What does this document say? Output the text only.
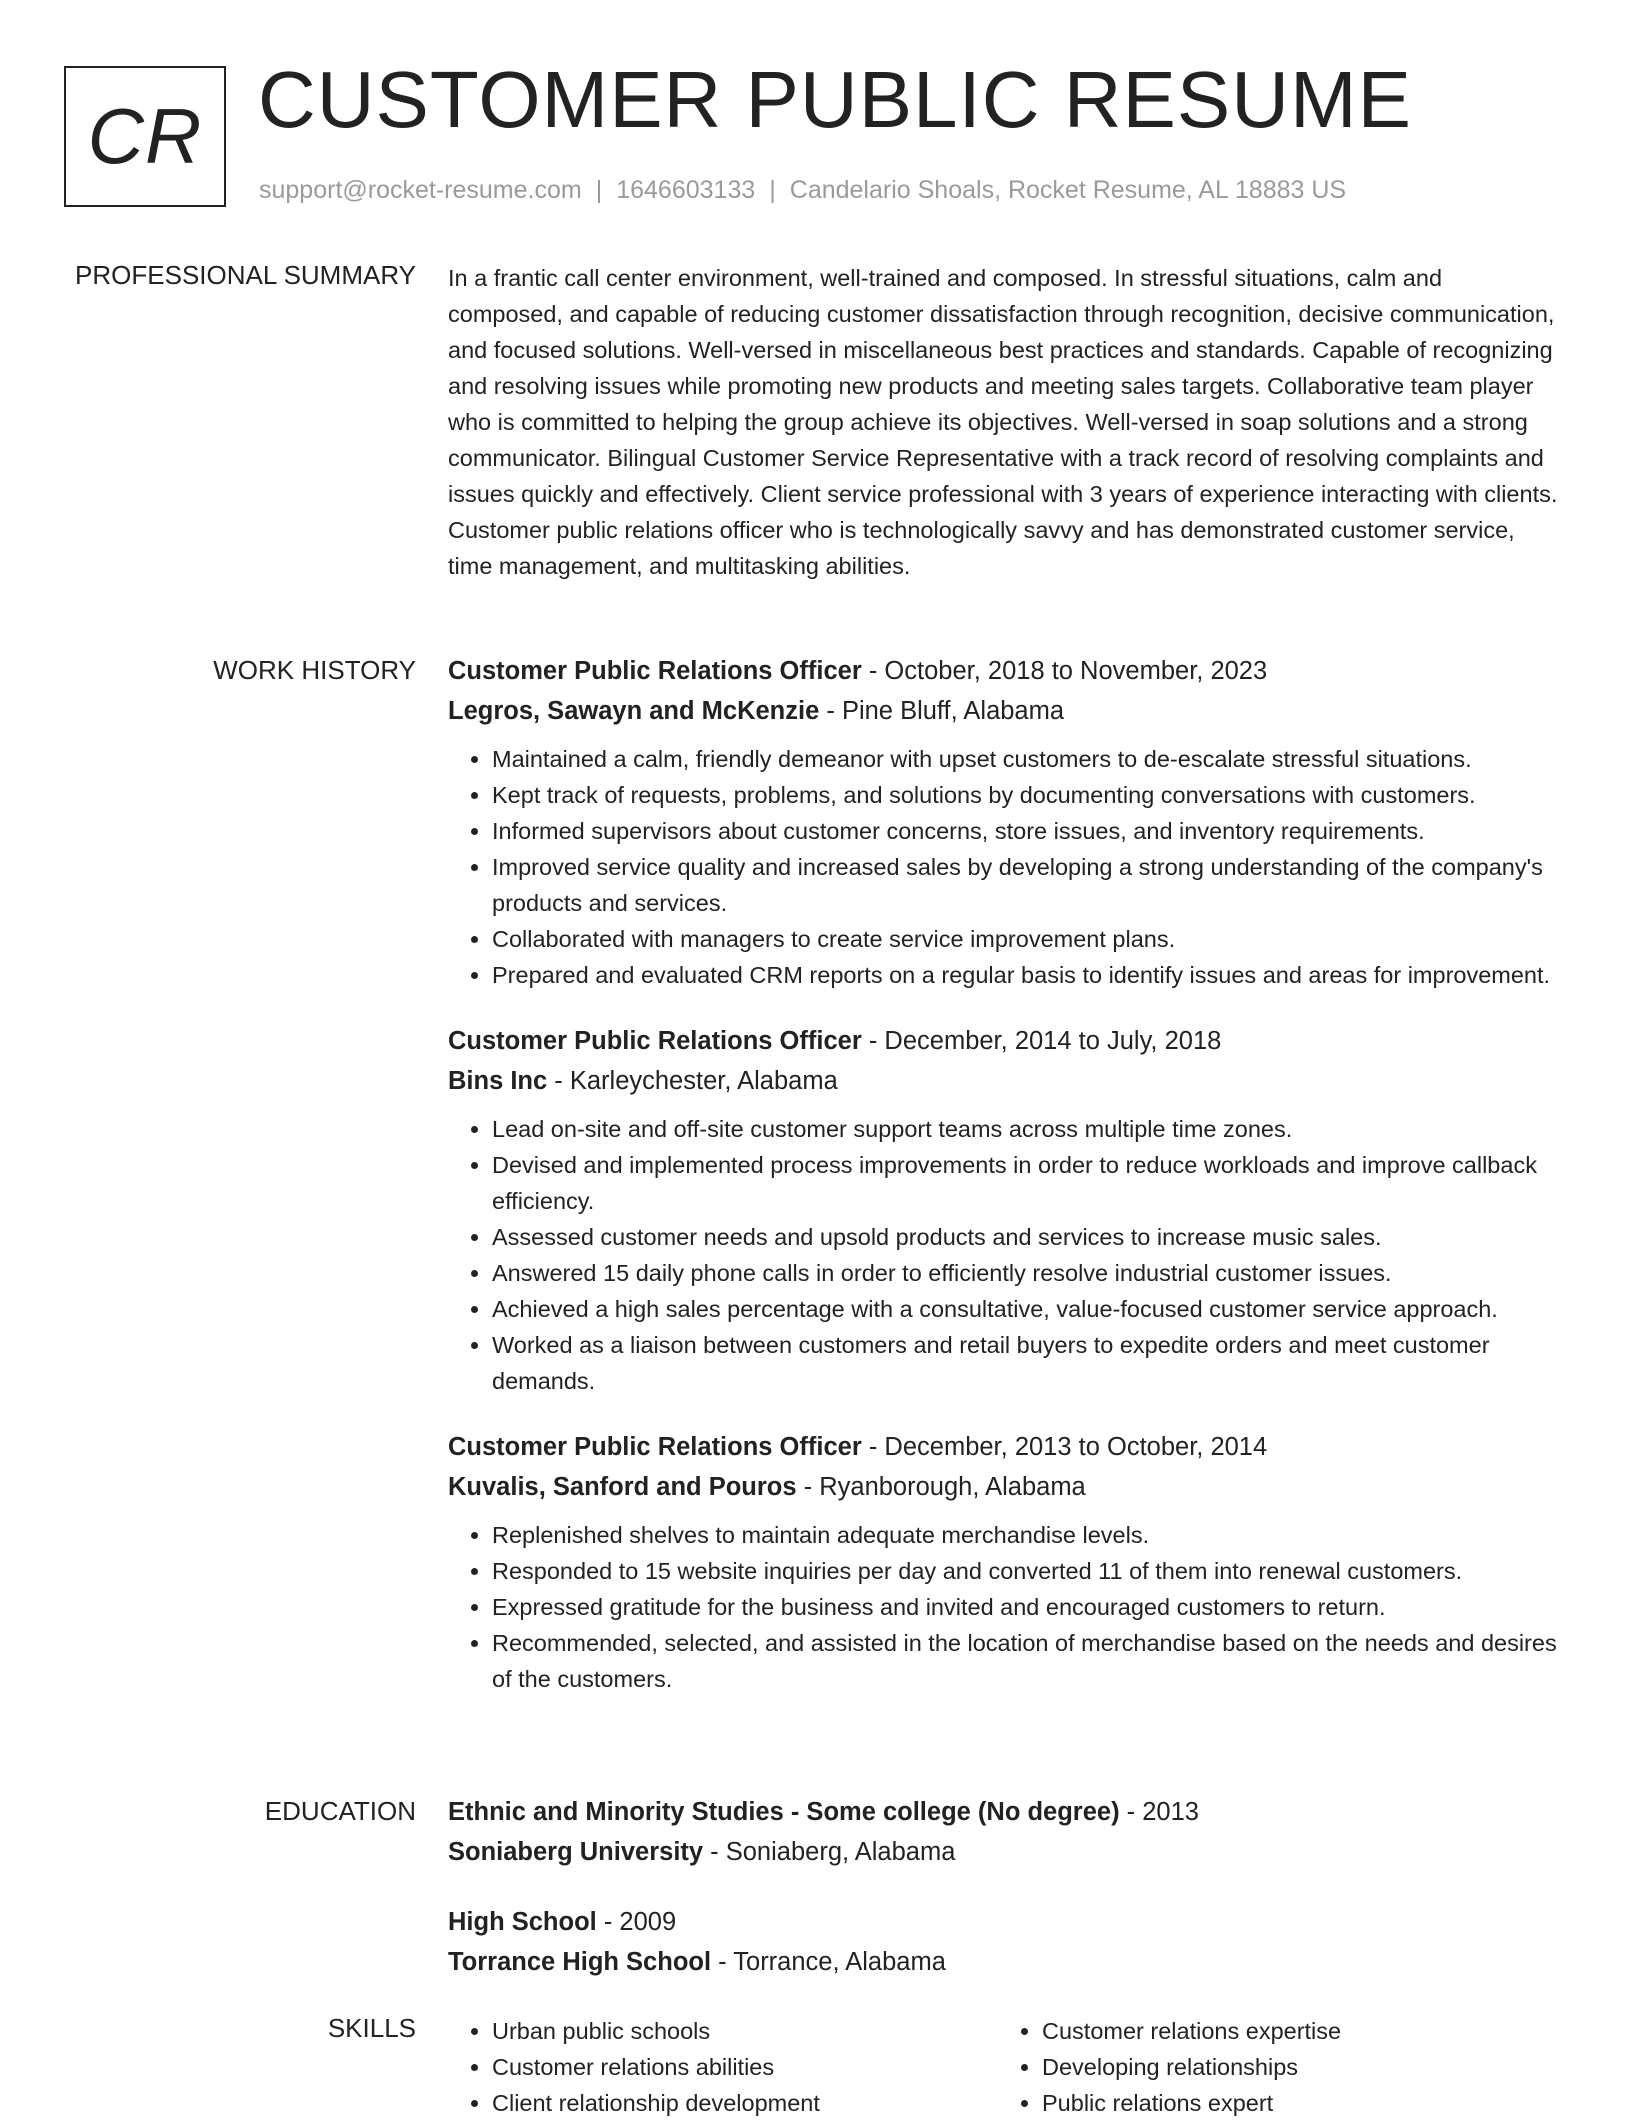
CR CUSTOMER PUBLIC RESUME
support@rocket-resume.com | 1646603133 | Candelario Shoals, Rocket Resume, AL 18883 US
PROFESSIONAL SUMMARY In a frantic call center environment, well-trained and composed. In stressful situations, calm and composed, and capable of reducing customer dissatisfaction through recognition, decisive communication, and focused solutions. Well-versed in miscellaneous best practices and standards. Capable of recognizing and resolving issues while promoting new products and meeting sales targets. Collaborative team player who is committed to helping the group achieve its objectives. Well-versed in soap solutions and a strong communicator. Bilingual Customer Service Representative with a track record of resolving complaints and issues quickly and effectively. Client service professional with 3 years of experience interacting with clients. Customer public relations officer who is technologically savvy and has demonstrated customer service, time management, and multitasking abilities.

WORK HISTORY Customer Public Relations Officer - October, 2018 to November, 2023
Legros, Sawayn and McKenzie - Pine Bluff, Alabama
• Maintained a calm, friendly demeanor with upset customers to de-escalate stressful situations.
• Kept track of requests, problems, and solutions by documenting conversations with customers.
• Informed supervisors about customer concerns, store issues, and inventory requirements.
• Improved service quality and increased sales by developing a strong understanding of the company's products and services.
• Collaborated with managers to create service improvement plans.
• Prepared and evaluated CRM reports on a regular basis to identify issues and areas for improvement.
Customer Public Relations Officer - December, 2014 to July, 2018
Bins Inc - Karleychester, Alabama
• Lead on-site and off-site customer support teams across multiple time zones.
• Devised and implemented process improvements in order to reduce workloads and improve callback efficiency.
• Assessed customer needs and upsold products and services to increase music sales.
• Answered 15 daily phone calls in order to efficiently resolve industrial customer issues.
• Achieved a high sales percentage with a consultative, value-focused customer service approach.
• Worked as a liaison between customers and retail buyers to expedite orders and meet customer demands.
Customer Public Relations Officer - December, 2013 to October, 2014
Kuvalis, Sanford and Pouros - Ryanborough, Alabama
• Replenished shelves to maintain adequate merchandise levels.
• Responded to 15 website inquiries per day and converted 11 of them into renewal customers.
• Expressed gratitude for the business and invited and encouraged customers to return.
• Recommended, selected, and assisted in the location of merchandise based on the needs and desires of the customers.
EDUCATION Ethnic and Minority Studies - Some college (No degree) - 2013
Soniaberg University - Soniaberg, Alabama
High School - 2009
Torrance High School - Torrance, Alabama
SKILLS
•	Urban public schools
• Customer relations abilities
• Client relationship development
• Customer relations expertise
• Developing relationships
• Public relations expert
